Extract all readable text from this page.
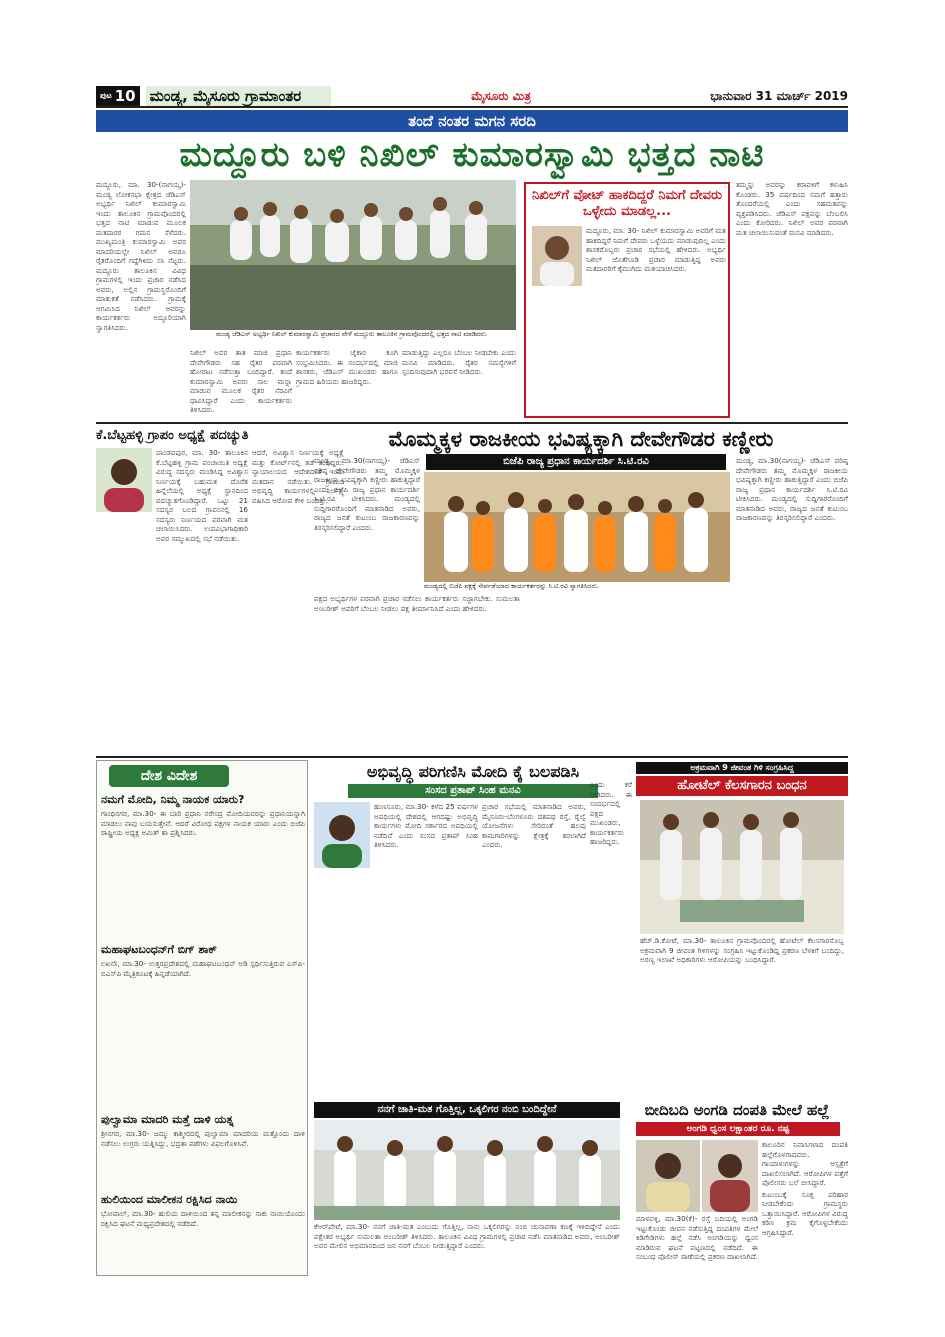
ಪುಟ 10 ಮಂಡ್ಯ, ಮೈಸೂರು ಗ್ರಾಮಾಂತರ	ಮೈಸೂರು ಮಿತ್ರ	ಭಾನುವಾರ 31 ಮಾರ್ಚ್ 2019
ತಂದೆ ನಂತರ ಮಗನ ಸರದಿ
ಮದ್ದೂರು ಬಳಿ ನಿಖಿಲ್ ಕುಮಾರಸ್ವಾಮಿ ಭತ್ತದ ನಾಟಿ

ಮದ್ದೂರು, ಮಾ. 30-(ನಾಗಯ್ಯ)- ಮಂಡ್ಯ ಲೋಕಸಭಾ ಕ್ಷೇತ್ರದ ಜೆಡಿಎಸ್ ಅಭ್ಯರ್ಥಿ ನಿಖಿಲ್ ಕುಮಾರಸ್ವಾಮಿ ಇಂದು ತಾಲೂಕಿನ ಗ್ರಾಮವೊಂದರಲ್ಲಿ ಭತ್ತದ ನಾಟಿ ಮಾಡುವ ಮೂಲಕ ಮತದಾರರ ಗಮನ ಸೆಳೆದರು. ಮುಖ್ಯಮಂತ್ರಿ ಕುಮಾರಸ್ವಾಮಿ ಅವರ ಮಾದರಿಯಲ್ಲೇ ನಿಖಿಲ್ ಅವರೂ ರೈತರೊಂದಿಗೆ ಗದ್ದೆಗಿಳಿದು ಸಸಿ ನೆಟ್ಟರು. ಮದ್ದೂರು ತಾಲೂಕಿನ ವಿವಿಧ ಗ್ರಾಮಗಳಲ್ಲಿ ಇಂದು ಪ್ರಚಾರ ನಡೆಸಿದ ಅವರು, ಅಲ್ಲಿನ ಗ್ರಾಮಸ್ಥರೊಂದಿಗೆ ಮಾತುಕತೆ ನಡೆಸಿದರು. ಗ್ರಾಮಕ್ಕೆ ಆಗಮಿಸಿದ ನಿಖಿಲ್ ಅವರನ್ನು ಕಾರ್ಯಕರ್ತರು ಅದ್ದೂರಿಯಾಗಿ ಸ್ವಾಗತಿಸಿದರು.

ಮಂಡ್ಯ ಜೆಡಿಎಸ್ ಅಭ್ಯರ್ಥಿ ನಿಖಿಲ್ ಕುಮಾರಸ್ವಾಮಿ ಪ್ರಚಾರದ ವೇಳೆ ಮದ್ದೂರು ತಾಲೂಕಿನ ಗ್ರಾಮವೊಂದರಲ್ಲಿ ಭತ್ತದ ನಾಟಿ ಮಾಡಿದರು.

ನಿಖಿಲ್ ಅವರ ತಾತ ಮಾಜಿ ಪ್ರಧಾನಿ ದೇವೇಗೌಡರು ಸಹ ರೈತರ ಪರವಾಗಿ ಹೋರಾಟ ನಡೆಸುತ್ತಾ ಬಂದಿದ್ದಾರೆ. ತಂದೆ ಕುಮಾರಸ್ವಾಮಿ ಅವರು ಸಾಲ ಮನ್ನಾ ಮಾಡುವ ಮೂಲಕ ರೈತರ ನೆರವಿಗೆ ಧಾವಿಸಿದ್ದಾರೆ ಎಂದು ಕಾರ್ಯಕರ್ತರು ತಿಳಿಸಿದರು.

ಕಾರ್ಯಕರ್ತರು ಜೈಕಾರ ಕೂಗಿ ಸಂಭ್ರಮಿಸಿದರು. ಈ ಸಂದರ್ಭದಲ್ಲಿ ಮಾಜಿ ಶಾಸಕರು, ಜೆಡಿಎಸ್ ಮುಖಂಡರು ಹಾಗೂ ಗ್ರಾಮದ ಹಿರಿಯರು ಹಾಜರಿದ್ದರು.

ಮಾಡುತ್ತಿದ್ದು ಎಲ್ಲರೂ ಬೆಂಬಲ ನೀಡಬೇಕು ಎಂದು ಮನವಿ ಮಾಡಿದರು. ರೈತರ ಸಮಸ್ಯೆಗಳಿಗೆ ಸ್ಪಂದಿಸುವುದಾಗಿ ಭರವಸೆ ನೀಡಿದರು.

ನಿಖಿಲ್‌ಗೆ ವೋಟ್ ಹಾಕದಿದ್ದರೆ ನಿಮಗೆ ದೇವರು ಒಳ್ಳೇದು ಮಾಡಲ್ಲ...

ಮದ್ದೂರು, ಮಾ. 30- ನಿಖಿಲ್ ಕುಮಾರಸ್ವಾಮಿ ಅವರಿಗೆ ಮತ ಹಾಕದಿದ್ದರೆ ನಿಮಗೆ ದೇವರು ಒಳ್ಳೆಯದು ಮಾಡುವುದಿಲ್ಲ ಎಂದು ಶಾಸಕರೊಬ್ಬರು ಪ್ರಚಾರ ಸಭೆಯಲ್ಲಿ ಹೇಳಿದರು. ಅಭ್ಯರ್ಥಿ ನಿಖಿಲ್ ಜೊತೆಗೂಡಿ ಪ್ರಚಾರ ಮಾಡುತ್ತಿದ್ದ ಅವರು ಮತದಾರರಿಗೆ ಕೈಮುಗಿದು ಮತಯಾಚಿಸಿದರು.

ತಮ್ಮನ್ನು ಅವರನ್ನು ಕರಾವಳಿಗೆ ಕಳುಹಿಸಿ ಕೊಂಡರು. 35 ವರ್ಷದಿಂದ ನಮಗೆ ಹತ್ತಾರು ತೊಂದರೆಯಲ್ಲಿ ಎಂದು ಸಹಮತವನ್ನು ವ್ಯಕ್ತಪಡಿಸಿದರು. ಜೆಡಿಎಸ್ ಪಕ್ಷವನ್ನು ಬೆಂಬಲಿಸಿ ಎಂದು ಕೋರಿದರು. ನಿಖಿಲ್ ಅವರ ಪರವಾಗಿ ಮತ ಚಲಾಯಿಸುವಂತೆ ಮನವಿ ಮಾಡಿದರು.

ಕೆ.ಬೆಟ್ಟಹಳ್ಳಿ ಗ್ರಾಪಂ ಅಧ್ಯಕ್ಷೆ ಪದಚ್ಯುತಿ

ಪಾಂಡವಪುರ, ಮಾ. 30- ತಾಲೂಕಿನ ಕೆ.ಬೆಟ್ಟಹಳ್ಳಿ ಗ್ರಾಮ ಪಂಚಾಯಿತಿ ಅಧ್ಯಕ್ಷೆ ವಿರುದ್ಧ ಸದಸ್ಯರು ಮಂಡಿಸಿದ್ದ ಅವಿಶ್ವಾಸ ನಿರ್ಣಯಕ್ಕೆ ಬಹುಮತ ದೊರೆತ ಹಿನ್ನೆಲೆಯಲ್ಲಿ ಅಧ್ಯಕ್ಷೆ ಸ್ಥಾನದಿಂದ ಪದಚ್ಯುತಗೊಂಡಿದ್ದಾರೆ. ಒಟ್ಟು 21 ಸದಸ್ಯರ ಬಲದ ಗ್ರಾಪಂನಲ್ಲಿ 16 ಸದಸ್ಯರು ನಿರ್ಣಯದ ಪರವಾಗಿ ಮತ ಚಲಾಯಿಸಿದರು. ಉಪವಿಭಾಗಾಧಿಕಾರಿ ಅವರ ಸಮ್ಮುಖದಲ್ಲಿ ಸಭೆ ನಡೆಯಿತು.

ಆದರೆ, ಅವಿಶ್ವಾಸ ನಿರ್ಣಯಕ್ಕೆ ಅಧ್ಯಕ್ಷೆ ಮತ್ತು ಕೋರ್ಟ್‌ನಲ್ಲಿ ತಡೆ ತಂದಿದ್ದರು. ನ್ಯಾಯಾಲಯದ ಆದೇಶದಂತೆ ಇಂದು ಮತದಾನ ನಡೆಯಿತು. ಗ್ರಾಮದ ಅಭಿವೃದ್ಧಿ ಕಾರ್ಯಗಳಲ್ಲಿ ನಿರ್ಲಕ್ಷ್ಯ ವಹಿಸಿದ ಆರೋಪ ಕೇಳಿ ಬಂದಿತ್ತು.

ಮೊಮ್ಮಕ್ಕಳ ರಾಜಕೀಯ ಭವಿಷ್ಯಕ್ಕಾಗಿ ದೇವೇಗೌಡರ ಕಣ್ಣೀರು
ಬಿಜೆಪಿ ರಾಜ್ಯ ಪ್ರಧಾನ ಕಾರ್ಯದರ್ಶಿ ಸಿ.ಟಿ.ರವಿ

ಮಂಡ್ಯ, ಮಾ.30(ನಾಗಯ್ಯ)- ಜೆಡಿಎಸ್ ವರಿಷ್ಠ ದೇವೇಗೌಡರು ತಮ್ಮ ಮೊಮ್ಮಕ್ಕಳ ರಾಜಕೀಯ ಭವಿಷ್ಯಕ್ಕಾಗಿ ಕಣ್ಣೀರು ಹಾಕುತ್ತಿದ್ದಾರೆ ಎಂದು ಬಿಜೆಪಿ ರಾಜ್ಯ ಪ್ರಧಾನ ಕಾರ್ಯದರ್ಶಿ ಸಿ.ಟಿ.ರವಿ ಟೀಕಿಸಿದರು. ಮಂಡ್ಯದಲ್ಲಿ ಸುದ್ದಿಗಾರರೊಂದಿಗೆ ಮಾತನಾಡಿದ ಅವರು, ರಾಜ್ಯದ ಜನತೆ ಕುಟುಂಬ ರಾಜಕಾರಣವನ್ನು ತಿರಸ್ಕರಿಸಲಿದ್ದಾರೆ ಎಂದರು.

ಮಂಡ್ಯದಲ್ಲಿ ಬಿಜೆಪಿ ಪಕ್ಷಕ್ಕೆ ಸೇರ್ಪಡೆಯಾದ ಕಾರ್ಯಕರ್ತರನ್ನು ಸಿ.ಟಿ.ರವಿ ಸ್ವಾಗತಿಸಿದರು.

ಪಕ್ಷದ ಅಭ್ಯರ್ಥಿಗಳ ಪರವಾಗಿ ಪ್ರಚಾರ ನಡೆಸಲು ಕಾರ್ಯಕರ್ತರು ಸಜ್ಜಾಗಬೇಕು. ಸುಮಲತಾ ಅಂಬರೀಶ್ ಅವರಿಗೆ ಬೆಂಬಲ ನೀಡಲು ಪಕ್ಷ ತೀರ್ಮಾನಿಸಿದೆ ಎಂದು ಹೇಳಿದರು.

ಮಂಡ್ಯ, ಮಾ.30(ನಾಗಯ್ಯ)- ಜೆಡಿಎಸ್ ವರಿಷ್ಠ ದೇವೇಗೌಡರು ತಮ್ಮ ಮೊಮ್ಮಕ್ಕಳ ರಾಜಕೀಯ ಭವಿಷ್ಯಕ್ಕಾಗಿ ಕಣ್ಣೀರು ಹಾಕುತ್ತಿದ್ದಾರೆ ಎಂದು ಬಿಜೆಪಿ ರಾಜ್ಯ ಪ್ರಧಾನ ಕಾರ್ಯದರ್ಶಿ ಸಿ.ಟಿ.ರವಿ ಟೀಕಿಸಿದರು. ಮಂಡ್ಯದಲ್ಲಿ ಸುದ್ದಿಗಾರರೊಂದಿಗೆ ಮಾತನಾಡಿದ ಅವರು, ರಾಜ್ಯದ ಜನತೆ ಕುಟುಂಬ ರಾಜಕಾರಣವನ್ನು ತಿರಸ್ಕರಿಸಲಿದ್ದಾರೆ ಎಂದರು.

ದೇಶ ವಿದೇಶ
ನಮಗೆ ಮೋದಿ, ನಿಮ್ಮ ನಾಯಕ ಯಾರು?

ಗಾಂಧಿನಗರ, ಮಾ.30- ಈ ಬಾರಿ ಪ್ರಧಾನಿ ನರೇಂದ್ರ ಮೋದಿಯವರನ್ನು ಪ್ರಧಾನಿಯನ್ನಾಗಿ ಮಾಡಲು ನಾವು ಬಯಸುತ್ತೇವೆ. ಆದರೆ ವಿರೋಧ ಪಕ್ಷಗಳ ನಾಯಕ ಯಾರು ಎಂದು ಬಿಜೆಪಿ ರಾಷ್ಟ್ರೀಯ ಅಧ್ಯಕ್ಷ ಅಮಿತ್ ಶಾ ಪ್ರಶ್ನಿಸಿದರು.

ಮಹಾಘಟಬಂಧನ್‌ಗೆ ಬಿಗ್ ಶಾಕ್

ಲಖನೌ, ಮಾ.30- ಉತ್ತರಪ್ರದೇಶದಲ್ಲಿ ಮಹಾಘಟಬಂಧನ್ ಅಡಿ ಸ್ಪರ್ಧಿಸುತ್ತಿರುವ ಎಸ್‌ಪಿ-ಬಿಎಸ್‌ಪಿ ಮೈತ್ರಿಕೂಟಕ್ಕೆ ಹಿನ್ನಡೆಯಾಗಿದೆ.

ಪುಲ್ವಾಮಾ ಮಾದರಿ ಮತ್ತೆ ದಾಳಿ ಯತ್ನ

ಶ್ರೀನಗರ, ಮಾ.30- ಜಮ್ಮು ಕಾಶ್ಮೀರದಲ್ಲಿ ಪುಲ್ವಾಮಾ ಮಾದರಿಯ ಮತ್ತೊಂದು ದಾಳಿ ನಡೆಸಲು ಉಗ್ರರು ಯತ್ನಿಸಿದ್ದು, ಭದ್ರತಾ ಪಡೆಗಳು ವಿಫಲಗೊಳಿಸಿವೆ.

ಹುಲಿಯಿಂದ ಮಾಲೀಕನ ರಕ್ಷಿಸಿದ ನಾಯಿ

ಭೋಪಾಲ್, ಮಾ.30- ಹುಲಿಯ ದಾಳಿಯಿಂದ ತನ್ನ ಮಾಲೀಕನನ್ನು ಸಾಕು ನಾಯಿಯೊಂದು ರಕ್ಷಿಸಿದ ಘಟನೆ ಮಧ್ಯಪ್ರದೇಶದಲ್ಲಿ ನಡೆದಿದೆ.

ಅಭಿವೃದ್ಧಿ ಪರಿಗಣಿಸಿ ಮೋದಿ ಕೈ ಬಲಪಡಿಸಿ
ಸಂಸದ ಪ್ರತಾಪ್ ಸಿಂಹ ಮನವಿ

ಹುಣಸೂರು, ಮಾ.30- ಕಳೆದ 25 ವರ್ಷಗಳ ಅವಧಿಯಲ್ಲಿ ದೇಶದಲ್ಲಿ ಆಗದಷ್ಟು ಅಭಿವೃದ್ಧಿ ಕಾರ್ಯಗಳು ಮೋದಿ ಸರ್ಕಾರದ ಅವಧಿಯಲ್ಲಿ ನಡೆದಿವೆ ಎಂದು ಸಂಸದ ಪ್ರತಾಪ್ ಸಿಂಹ ತಿಳಿಸಿದರು.

ಪ್ರಚಾರ ಸಭೆಯಲ್ಲಿ ಮಾತನಾಡಿದ ಅವರು, ಮೈಸೂರು-ಬೆಂಗಳೂರು ದಶಪಥ ರಸ್ತೆ, ರೈಲ್ವೆ ಯೋಜನೆಗಳು ಸೇರಿದಂತೆ ಹಲವು ಕಾಮಗಾರಿಗಳನ್ನು ಕ್ಷೇತ್ರಕ್ಕೆ ತರಲಾಗಿದೆ ಎಂದರು.

ಎಂದು ಕರೆ ನೀಡಿದರು. ಈ ಸಂದರ್ಭದಲ್ಲಿ ಪಕ್ಷದ ಮುಖಂಡರು, ಕಾರ್ಯಕರ್ತರು ಹಾಜರಿದ್ದರು.

ಅಕ್ರಮವಾಗಿ 9 ಜೀವಂತ ಗಿಳಿ ಸಂಗ್ರಹಿಸಿದ್ದ
ಹೋಟೆಲ್ ಕೆಲಸಗಾರನ ಬಂಧನ

ಹೆಚ್.ಡಿ.ಕೋಟೆ, ಮಾ.30- ತಾಲೂಕಿನ ಗ್ರಾಮವೊಂದರಲ್ಲಿ ಹೋಟೆಲ್ ಕೆಲಸಗಾರನೊಬ್ಬ ಅಕ್ರಮವಾಗಿ 9 ಜೀವಂತ ಗಿಳಿಗಳನ್ನು ಸಂಗ್ರಹಿಸಿ ಇಟ್ಟುಕೊಂಡಿದ್ದ ಪ್ರಕರಣ ಬೆಳಕಿಗೆ ಬಂದಿದ್ದು, ಅರಣ್ಯ ಇಲಾಖೆ ಅಧಿಕಾರಿಗಳು ಆರೋಪಿಯನ್ನು ಬಂಧಿಸಿದ್ದಾರೆ.

ನನಗೆ ಜಾತಿ-ಮತ ಗೊತ್ತಿಲ್ಲ, ಒಕ್ಕಲಿಗರ ನಂಬಿ ಬಂದಿದ್ದೇನೆ

ಕೆಆರ್‌ಪೇಟೆ, ಮಾ.30- ನನಗೆ ಜಾತಿ-ಮತ ಎಂಬುದು ಗೊತ್ತಿಲ್ಲ, ನಾನು ಒಕ್ಕಲಿಗರನ್ನು ನಂಬಿ ಚುನಾವಣಾ ಕಣಕ್ಕೆ ಇಳಿದಿದ್ದೇನೆ ಎಂದು ಪಕ್ಷೇತರ ಅಭ್ಯರ್ಥಿ ಸುಮಲತಾ ಅಂಬರೀಶ್ ತಿಳಿಸಿದರು. ತಾಲೂಕಿನ ವಿವಿಧ ಗ್ರಾಮಗಳಲ್ಲಿ ಪ್ರಚಾರ ನಡೆಸಿ ಮಾತನಾಡಿದ ಅವರು, ಅಂಬರೀಶ್ ಅವರ ಮೇಲಿನ ಅಭಿಮಾನದಿಂದ ಜನ ನನಗೆ ಬೆಂಬಲ ನೀಡುತ್ತಿದ್ದಾರೆ ಎಂದರು.

ಬೀದಿಬದಿ ಅಂಗಡಿ ದಂಪತಿ ಮೇಲೆ ಹಲ್ಲೆ
ಅಂಗಡಿ ಧ್ವಂಸ ಲಕ್ಷಾಂತರ ರೂ. ನಷ್ಟ

ಮಾಳವಳ್ಳಿ, ಮಾ.30(ಕೆ)- ರಸ್ತೆ ಬದಿಯಲ್ಲಿ ಅಂಗಡಿ ಇಟ್ಟುಕೊಂಡು ಜೀವನ ನಡೆಸುತ್ತಿದ್ದ ದಂಪತಿಗಳ ಮೇಲೆ ಕಿಡಿಗೇಡಿಗಳು ಹಲ್ಲೆ ನಡೆಸಿ ಅಂಗಡಿಯನ್ನು ಧ್ವಂಸ ಮಾಡಿರುವ ಘಟನೆ ಪಟ್ಟಣದಲ್ಲಿ ನಡೆದಿದೆ. ಈ ಸಂಬಂಧ ಪೊಲೀಸ್ ಠಾಣೆಯಲ್ಲಿ ಪ್ರಕರಣ ದಾಖಲಾಗಿದೆ.

ಕಾಲೂರಿನ ನಿವಾಸಿಗಳಾದ ದಂಪತಿ ಹಲ್ಲೆಗೊಳಗಾದವರು. ಗಾಯಾಳುಗಳನ್ನು ಆಸ್ಪತ್ರೆಗೆ ದಾಖಲಿಸಲಾಗಿದೆ. ಆರೋಪಿಗಳ ಪತ್ತೆಗೆ ಪೊಲೀಸರು ಬಲೆ ಬೀಸಿದ್ದಾರೆ.

ಕುಟುಂಬಕ್ಕೆ ಸೂಕ್ತ ಪರಿಹಾರ ನೀಡಬೇಕೆಂದು ಗ್ರಾಮಸ್ಥರು ಒತ್ತಾಯಿಸಿದ್ದಾರೆ. ಆರೋಪಿಗಳ ವಿರುದ್ಧ ಕಠಿಣ ಕ್ರಮ ಕೈಗೊಳ್ಳಬೇಕೆಂದು ಆಗ್ರಹಿಸಿದ್ದಾರೆ.
